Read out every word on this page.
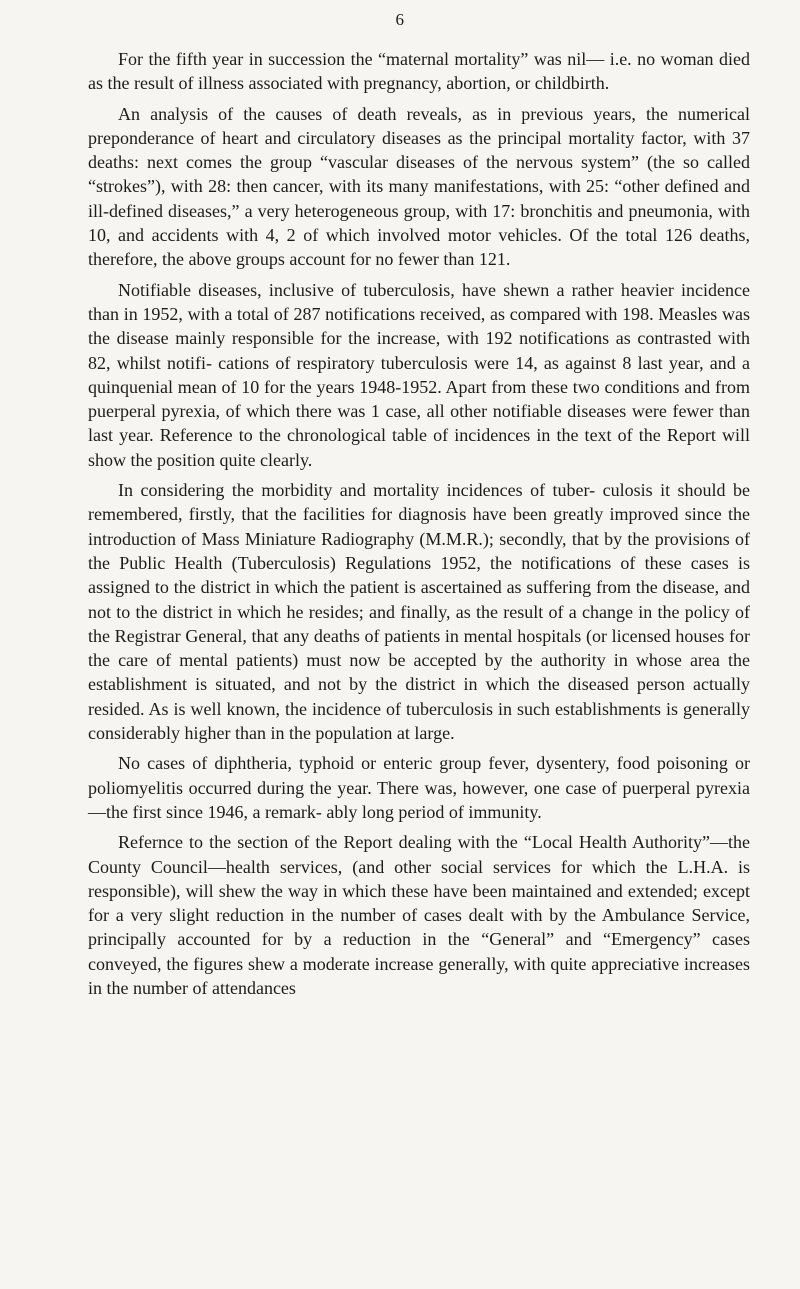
6

For the fifth year in succession the “maternal mortality” was nil— i.e. no woman died as the result of illness associated with pregnancy, abortion, or childbirth.

An analysis of the causes of death reveals, as in previous years, the numerical preponderance of heart and circulatory diseases as the principal mortality factor, with 37 deaths: next comes the group “vascular diseases of the nervous system” (the so called “strokes”), with 28: then cancer, with its many manifestations, with 25: “other defined and ill-defined diseases,” a very heterogeneous group, with 17: bronchitis and pneumonia, with 10, and accidents with 4, 2 of which involved motor vehicles. Of the total 126 deaths, therefore, the above groups account for no fewer than 121.

Notifiable diseases, inclusive of tuberculosis, have shewn a rather heavier incidence than in 1952, with a total of 287 notifications received, as compared with 198. Measles was the disease mainly responsible for the increase, with 192 notifications as contrasted with 82, whilst notifi- cations of respiratory tuberculosis were 14, as against 8 last year, and a quinquenial mean of 10 for the years 1948-1952. Apart from these two conditions and from puerperal pyrexia, of which there was 1 case, all other notifiable diseases were fewer than last year. Reference to the chronological table of incidences in the text of the Report will show the position quite clearly.

In considering the morbidity and mortality incidences of tuber- culosis it should be remembered, firstly, that the facilities for diagnosis have been greatly improved since the introduction of Mass Miniature Radiography (M.M.R.); secondly, that by the provisions of the Public Health (Tuberculosis) Regulations 1952, the notifications of these cases is assigned to the district in which the patient is ascertained as suffering from the disease, and not to the district in which he resides; and finally, as the result of a change in the policy of the Registrar General, that any deaths of patients in mental hospitals (or licensed houses for the care of mental patients) must now be accepted by the authority in whose area the establishment is situated, and not by the district in which the diseased person actually resided. As is well known, the incidence of tuberculosis in such establishments is generally considerably higher than in the population at large.

No cases of diphtheria, typhoid or enteric group fever, dysentery, food poisoning or poliomyelitis occurred during the year. There was, however, one case of puerperal pyrexia—the first since 1946, a remark- ably long period of immunity.

Refernce to the section of the Report dealing with the “Local Health Authority”—the County Council—health services, (and other social services for which the L.H.A. is responsible), will shew the way in which these have been maintained and extended; except for a very slight reduction in the number of cases dealt with by the Ambulance Service, principally accounted for by a reduction in the “General” and “Emergency” cases conveyed, the figures shew a moderate increase generally, with quite appreciative increases in the number of attendances
